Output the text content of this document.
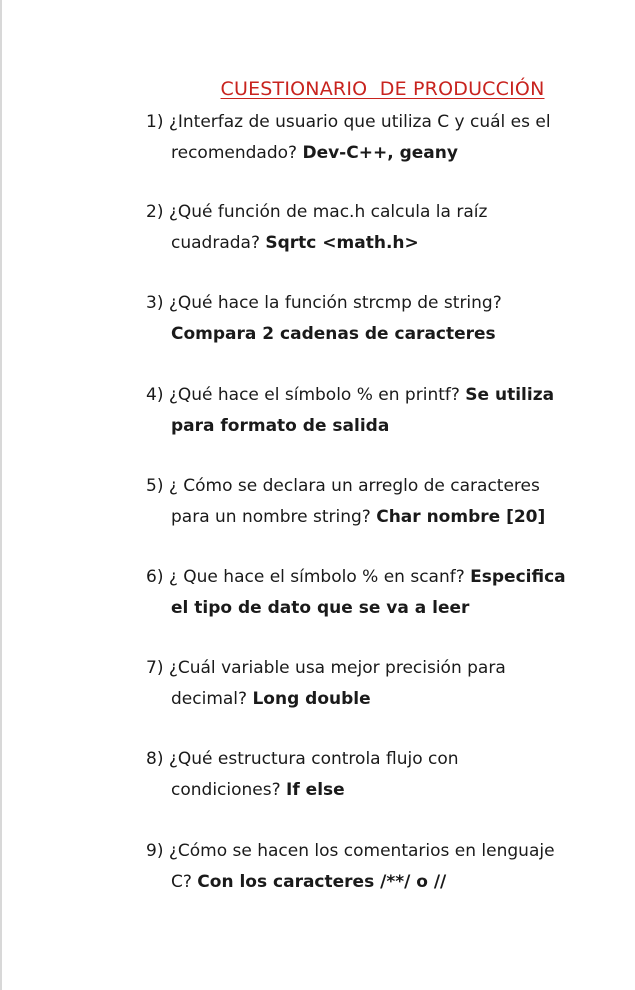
CUESTIONARIO  DE PRODUCCIÓN
1) ¿Interfaz de usuario que utiliza C y cuál es el
recomendado? Dev-C++, geany
2) ¿Qué función de mac.h calcula la raíz
cuadrada? Sqrtc <math.h>
3) ¿Qué hace la función strcmp de string?
Compara 2 cadenas de caracteres
4) ¿Qué hace el símbolo % en printf? Se utiliza
para formato de salida
5) ¿ Cómo se declara un arreglo de caracteres
para un nombre string? Char nombre [20]
6) ¿ Que hace el símbolo % en scanf? Especifica
el tipo de dato que se va a leer
7) ¿Cuál variable usa mejor precisión para
decimal? Long double
8) ¿Qué estructura controla flujo con
condiciones? If else
9) ¿Cómo se hacen los comentarios en lenguaje
C? Con los caracteres /**/ o //
